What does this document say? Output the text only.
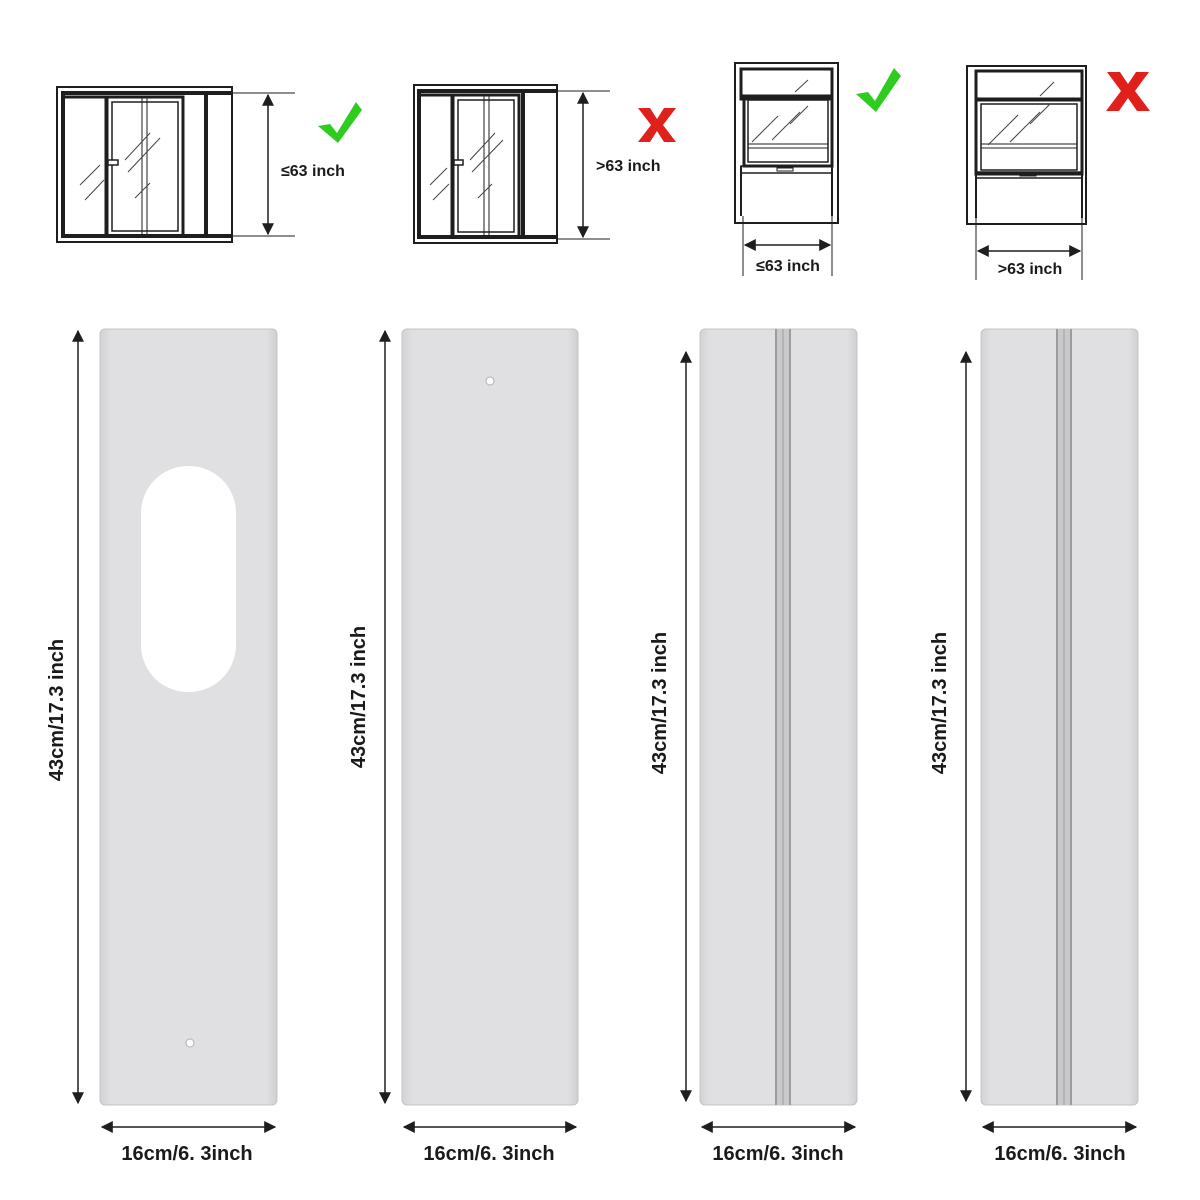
≤63 inch	>63 inch
≤63 inch	>63 inch
43cm/17.3 inch
16cm/6. 3inch
43cm/17.3 inch
16cm/6. 3inch
43cm/17.3 inch
16cm/6. 3inch
43cm/17.3 inch
16cm/6. 3inch
